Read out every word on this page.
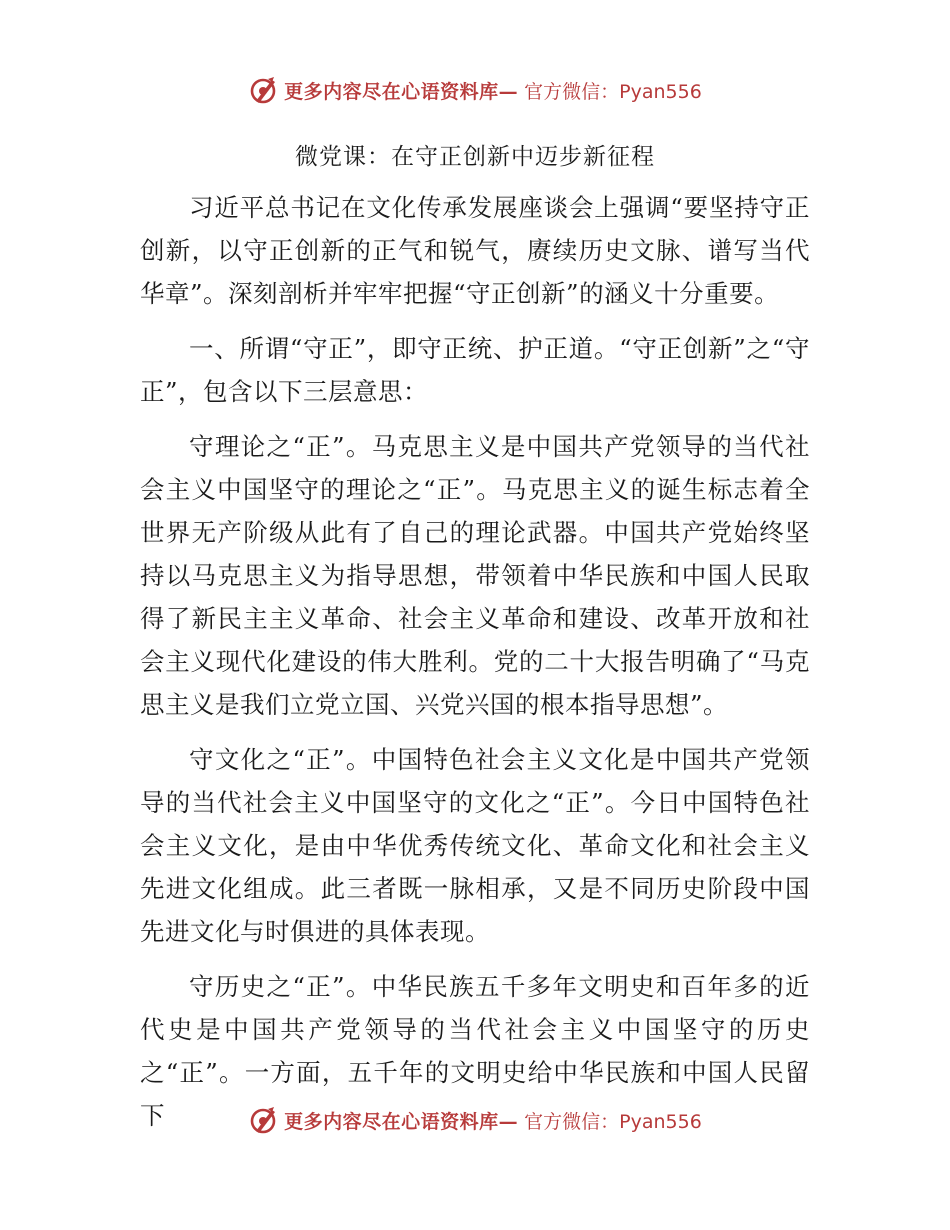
更多内容尽在心语资料库— 官方微信：Pyan556
微党课：在守正创新中迈步新征程

习近平总书记在文化传承发展座谈会上强调“要坚持守正创新，以守正创新的正气和锐气，赓续历史文脉、谱写当代华章”。深刻剖析并牢牢把握“守正创新”的涵义十分重要。

一、所谓“守正”，即守正统、护正道。“守正创新”之“守正”，包含以下三层意思：

守理论之“正”。马克思主义是中国共产党领导的当代社会主义中国坚守的理论之“正”。马克思主义的诞生标志着全世界无产阶级从此有了自己的理论武器。中国共产党始终坚持以马克思主义为指导思想，带领着中华民族和中国人民取得了新民主主义革命、社会主义革命和建设、改革开放和社会主义现代化建设的伟大胜利。党的二十大报告明确了“马克思主义是我们立党立国、兴党兴国的根本指导思想”。

守文化之“正”。中国特色社会主义文化是中国共产党领导的当代社会主义中国坚守的文化之“正”。今日中国特色社会主义文化，是由中华优秀传统文化、革命文化和社会主义先进文化组成。此三者既一脉相承，又是不同历史阶段中国先进文化与时俱进的具体表现。

守历史之“正”。中华民族五千多年文明史和百年多的近代史是中国共产党领导的当代社会主义中国坚守的历史之“正”。一方面，五千年的文明史给中华民族和中国人民留下	更多内容尽在心语资料库— 官方微信：Pyan556
